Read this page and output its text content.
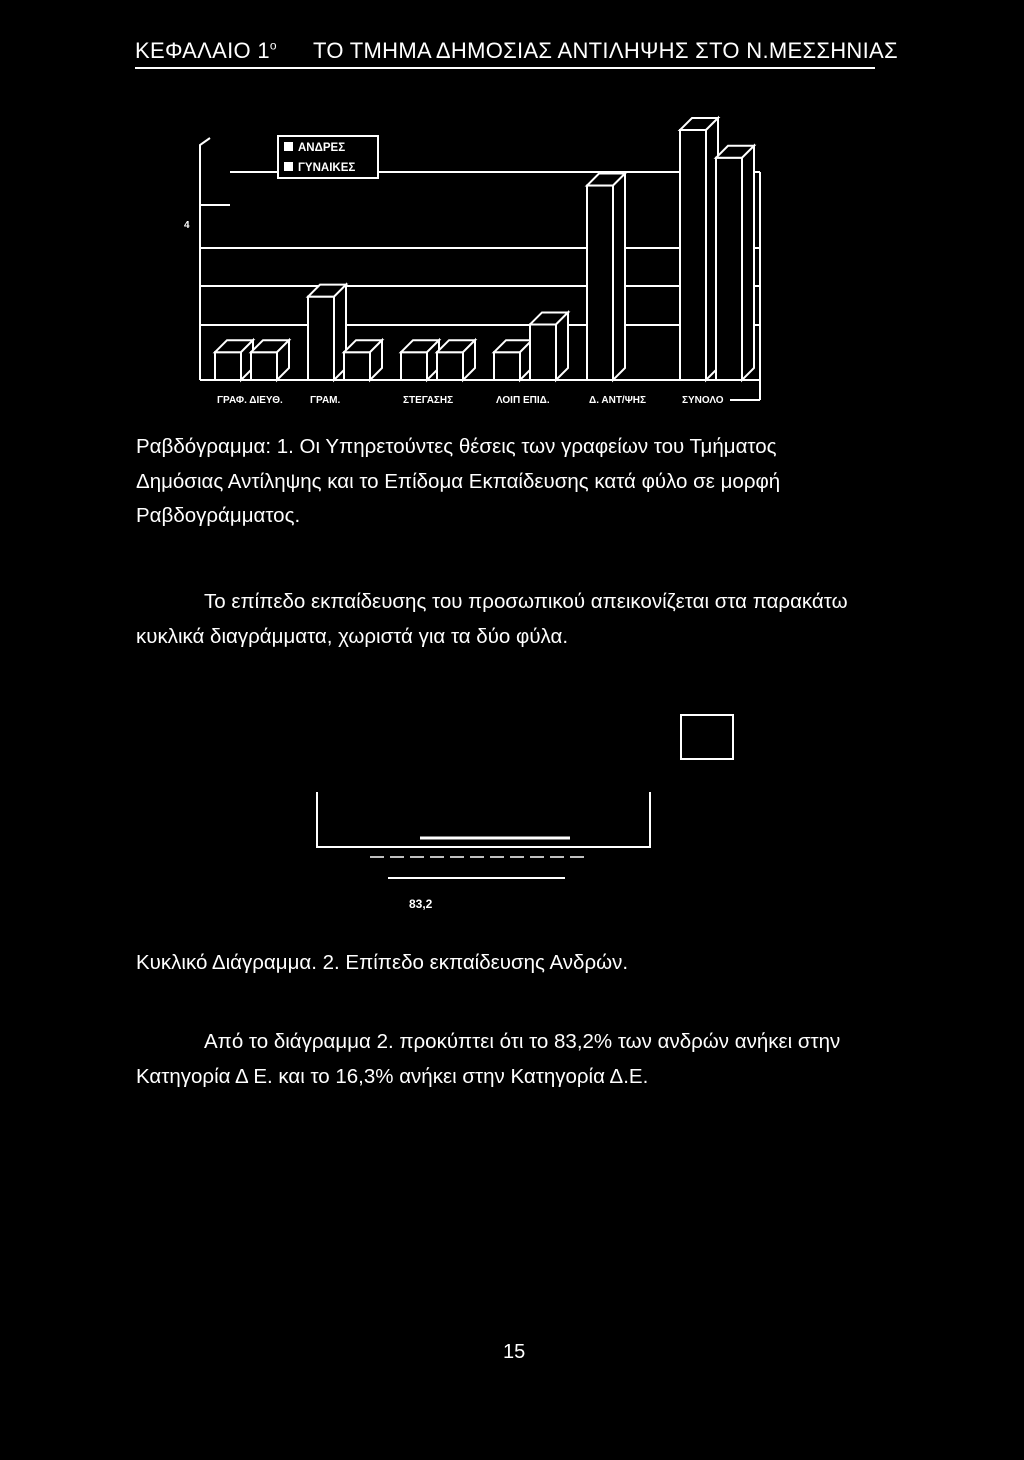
ΚΕΦΑΛΑΙΟ $1^o$ ΤΟ ΤΜΗΜΑ ΔΗΜΟΣΙΑΣ ΑΝΤΙΛΗΨΗΣ ΣΤΟ Ν.ΜΕΣΣΗΝΙΑΣ
4
ΑΝΔΡΕΣ
ΓΥΝΑΙΚΕΣ
ΓΡΑΦ. ΔΙΕΥΘ.	ΓΡΑΜ.	ΣΤΕΓΑΣΗΣ	ΛΟΙΠ ΕΠΙΔ.	Δ. ΑΝΤ/ΨΗΣ	ΣΥΝΟΛΟ
Ραβδόγραμμα: 1. Οι Υπηρετούντες θέσεις των γραφείων του Τμήματος
Δημόσιας Αντίληψης και το Επίδομα Εκπαίδευσης κατά φύλο σε μορφή
Ραβδογράμματος.
Το επίπεδο εκπαίδευσης του προσωπικού απεικονίζεται στα παρακάτω
κυκλικά διαγράμματα, χωριστά για τα δύο φύλα.
83,2
Κυκλικό Διάγραμμα. 2. Επίπεδο εκπαίδευσης Ανδρών.
Από το διάγραμμα 2. προκύπτει ότι το 83,2% των ανδρών ανήκει στην
Κατηγορία Δ Ε. και το 16,3% ανήκει στην Κατηγορία Δ.Ε.
15
